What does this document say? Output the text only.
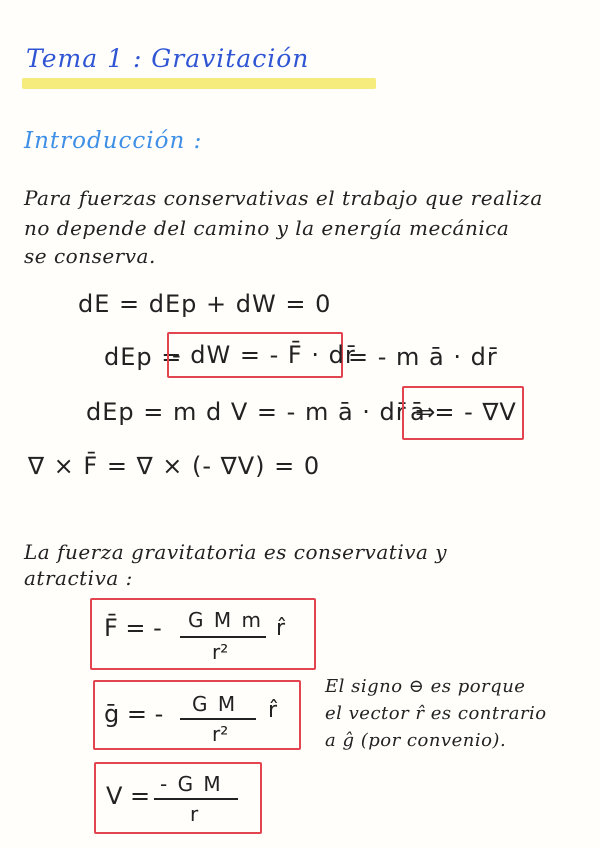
Tema 1 : Gravitación
Introducción :
Para fuerzas conservativas el trabajo que realiza
no depende del camino y la energía mecánica
se conserva.
dE = dEp + dW = 0
dEp =
- dW = - F̄ · dr̄
= - m ā · dr̄
dEp = m d V = - m ā · dr̄ ⇒
ā = - ∇V
∇ × F̄ = ∇ × (- ∇V) = 0
La fuerza gravitatoria es conservativa y
atractiva :
F̄ = - G M m
r²
r̂
ḡ = - G M
r²
r̂
El signo ⊖ es porque
el vector r̂ es contrario
a ĝ (por convenio).
V = - G M
r
